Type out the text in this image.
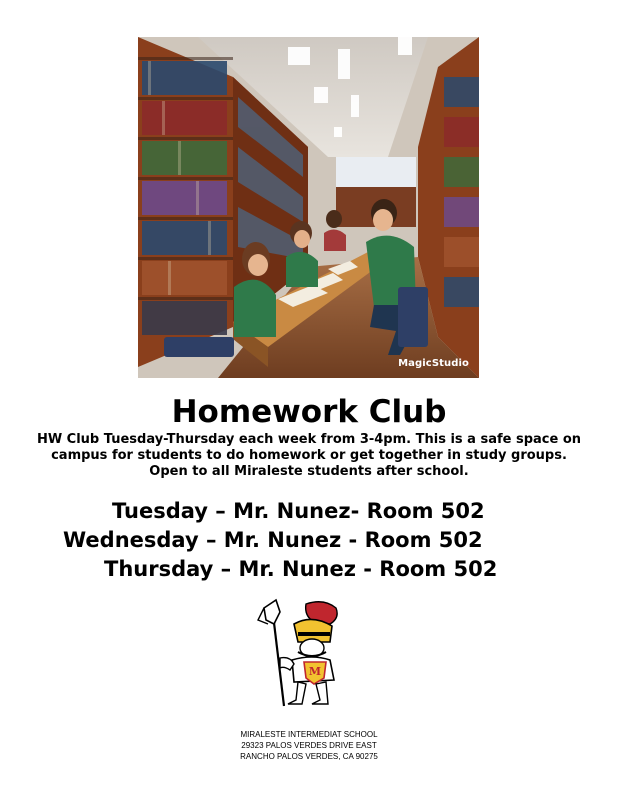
MagicStudio
Homework Club

HW Club Tuesday-Thursday each week from 3-4pm. This is a safe space on
campus for students to do homework or get together in study groups.
Open to all Miraleste students after school.

Tuesday – Mr. Nunez- Room 502
Wednesday – Mr. Nunez - Room 502
Thursday – Mr. Nunez - Room 502
M
MIRALESTE INTERMEDIAT SCHOOL
29323 PALOS VERDES DRIVE EAST
RANCHO PALOS VERDES, CA 90275
